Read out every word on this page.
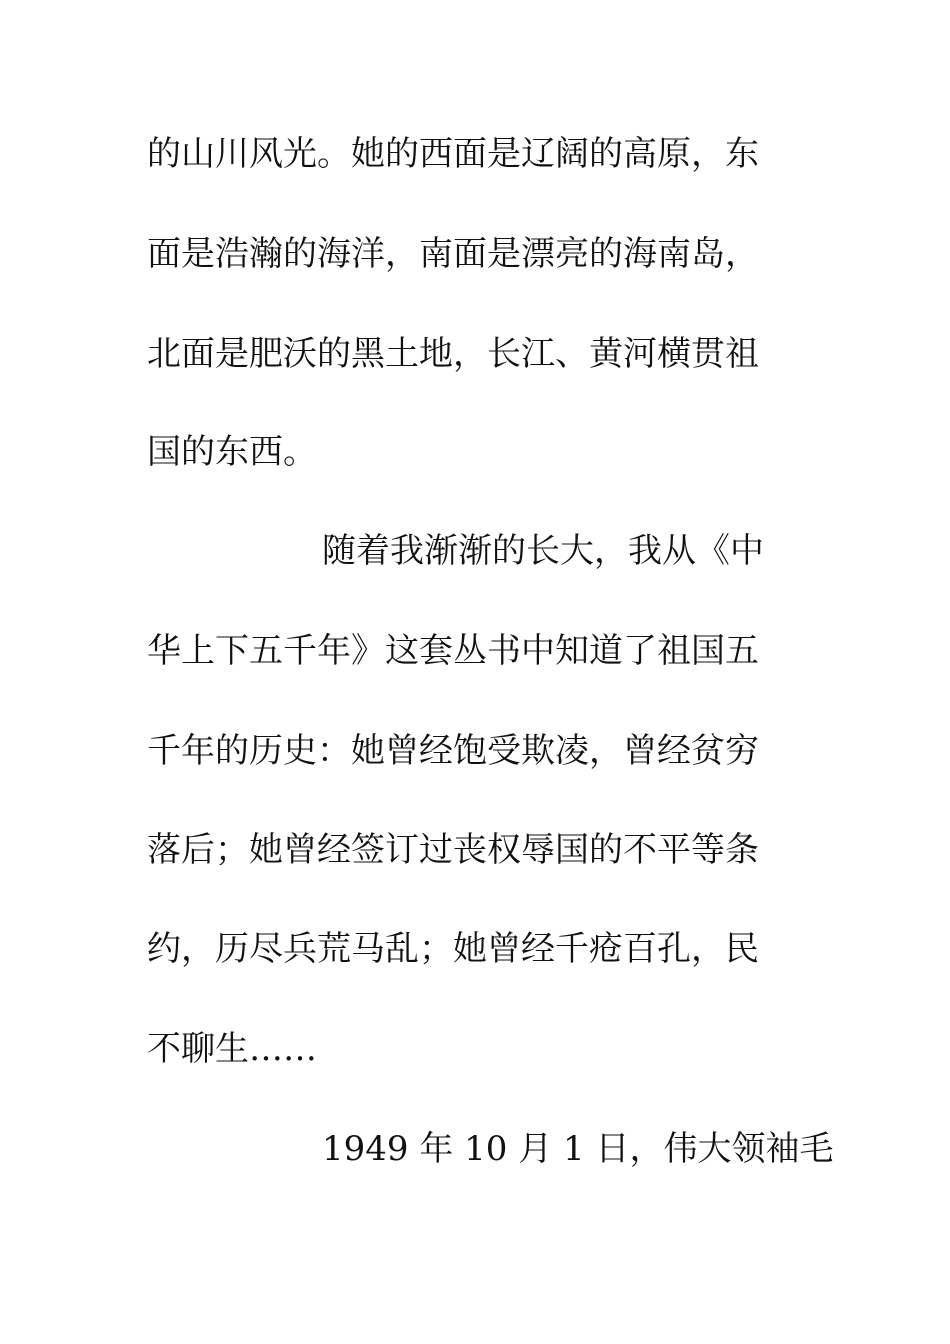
的山川风光。她的西面是辽阔的高原，东
面是浩瀚的海洋，南面是漂亮的海南岛，
北面是肥沃的黑土地，长江、黄河横贯祖
国的东西。
随着我渐渐的长大，我从《中
华上下五千年》这套丛书中知道了祖国五
千年的历史：她曾经饱受欺凌，曾经贫穷
落后；她曾经签订过丧权辱国的不平等条
约，历尽兵荒马乱；她曾经千疮百孔，民
不聊生……
1949 年 10 月 1 日，伟大领袖毛
